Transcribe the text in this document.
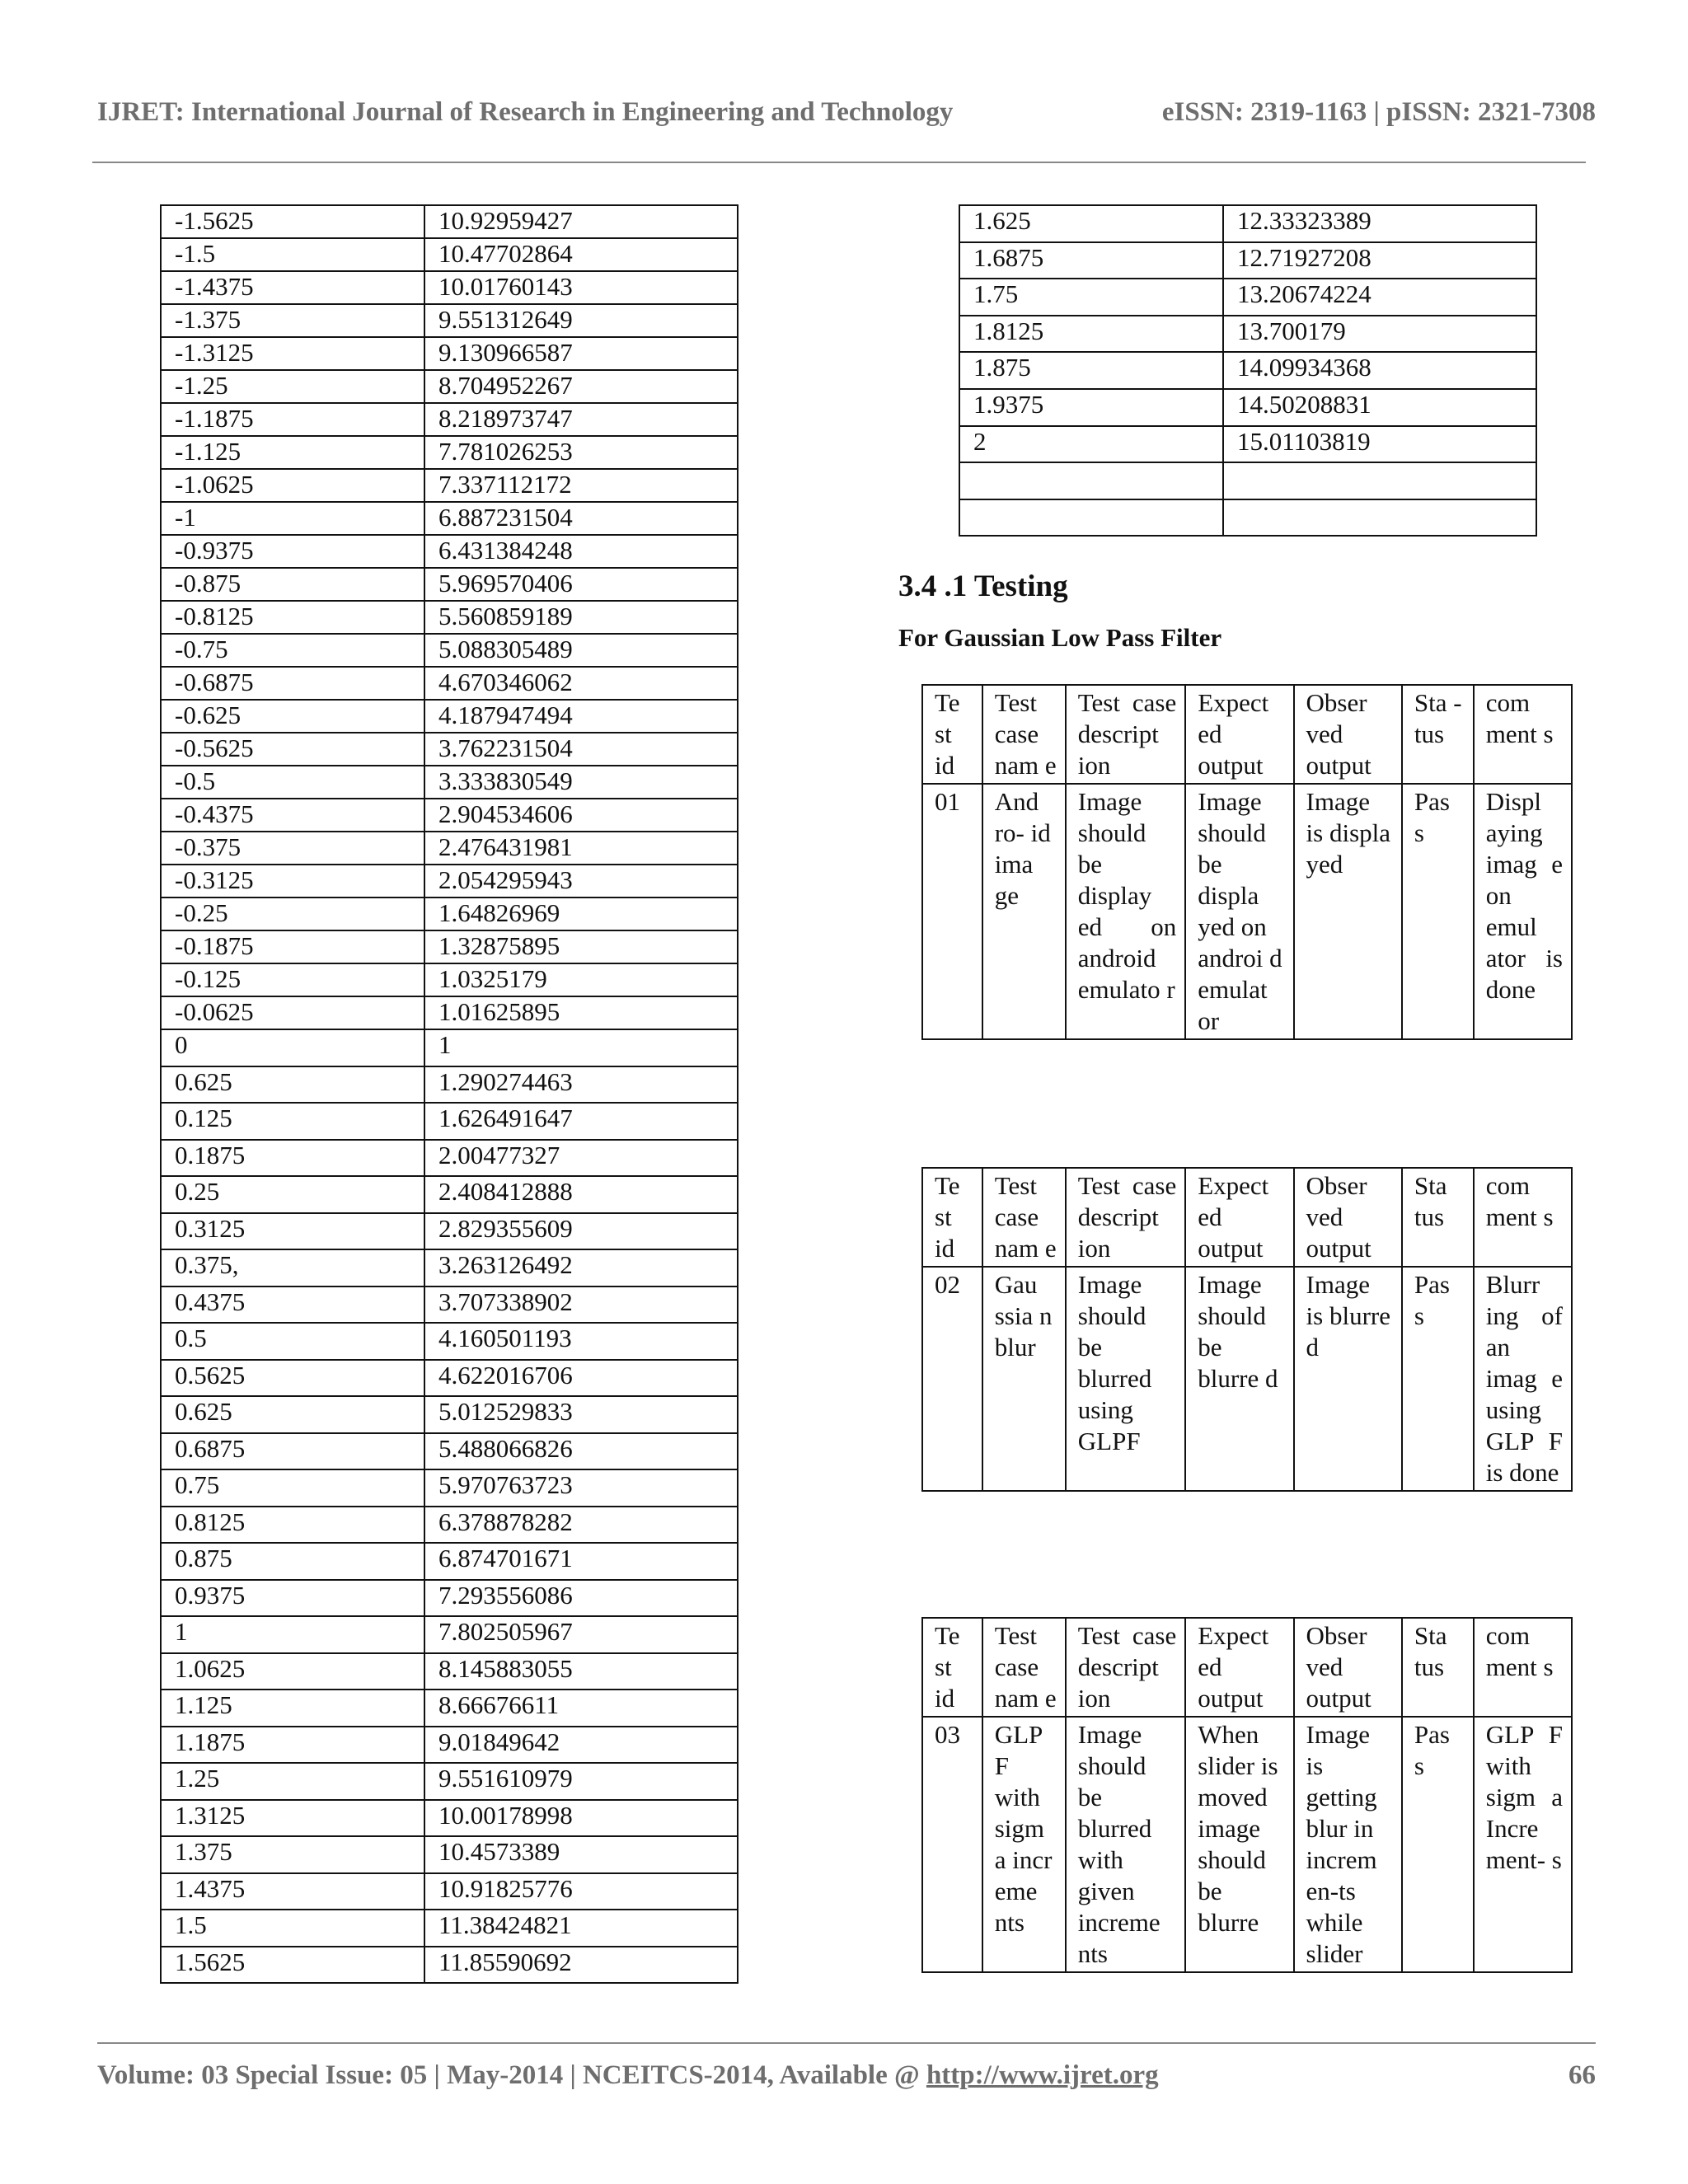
IJRET: International Journal of Research in Engineering and Technology	eISSN: 2319-1163 | pISSN: 2321-7308
-1.5625	10.92959427
-1.5	10.47702864
-1.4375	10.01760143
-1.375	9.551312649
-1.3125	9.130966587
-1.25	8.704952267
-1.1875	8.218973747
-1.125	7.781026253
-1.0625	7.337112172
-1	6.887231504
-0.9375	6.431384248
-0.875	5.969570406
-0.8125	5.560859189
-0.75	5.088305489
-0.6875	4.670346062
-0.625	4.187947494
-0.5625	3.762231504
-0.5	3.333830549
-0.4375	2.904534606
-0.375	2.476431981
-0.3125	2.054295943
-0.25	1.64826969
-0.1875	1.32875895
-0.125	1.0325179
-0.0625	1.01625895
0	1
0.625	1.290274463
0.125	1.626491647
0.1875	2.00477327
0.25	2.408412888
0.3125	2.829355609
0.375,	3.263126492
0.4375	3.707338902
0.5	4.160501193
0.5625	4.622016706
0.625	5.012529833
0.6875	5.488066826
0.75	5.970763723
0.8125	6.378878282
0.875	6.874701671
0.9375	7.293556086
1	7.802505967
1.0625	8.145883055
1.125	8.66676611
1.1875	9.01849642
1.25	9.551610979
1.3125	10.00178998
1.375	10.4573389
1.4375	10.91825776
1.5	11.38424821
1.5625	11.85590692
1.625	12.33323389
1.6875	12.71927208
1.75	13.20674224
1.8125	13.700179
1.875	14.09934368
1.9375	14.50208831
2	15.01103819

3.4 .1 Testing
For Gaussian Low Pass Filter
Te st id	Test case nam e	Test case descript ion	Expect ed output	Obser ved output	Sta -tus	com ment s
01	And ro- id ima ge	Image should be display ed on android emulato r	Image should be displa yed on androi d emulat or	Image is displa yed	Pas s	Displ aying imag e on emul ator is done
Te st id	Test case nam e	Test case descript ion	Expect ed output	Obser ved output	Sta tus	com ment s
02	Gau ssia n blur	Image should be blurred using GLPF	Image should be blurre d	Image is blurre d	Pas s	Blurr ing of an imag e using GLP F is done
Te st id	Test case nam e	Test case descript ion	Expect ed output	Obser ved output	Sta tus	com ment s
03	GLP F with sigm a incr eme nts	Image should be blurred with given increme nts	When slider is moved image should be blurre	Image is getting blur in increm en-ts while slider	Pas s	GLP F with sigm a Incre ment- s
Volume: 03 Special Issue: 05 | May-2014 | NCEITCS-2014, Available @ http://www.ijret.org	66
